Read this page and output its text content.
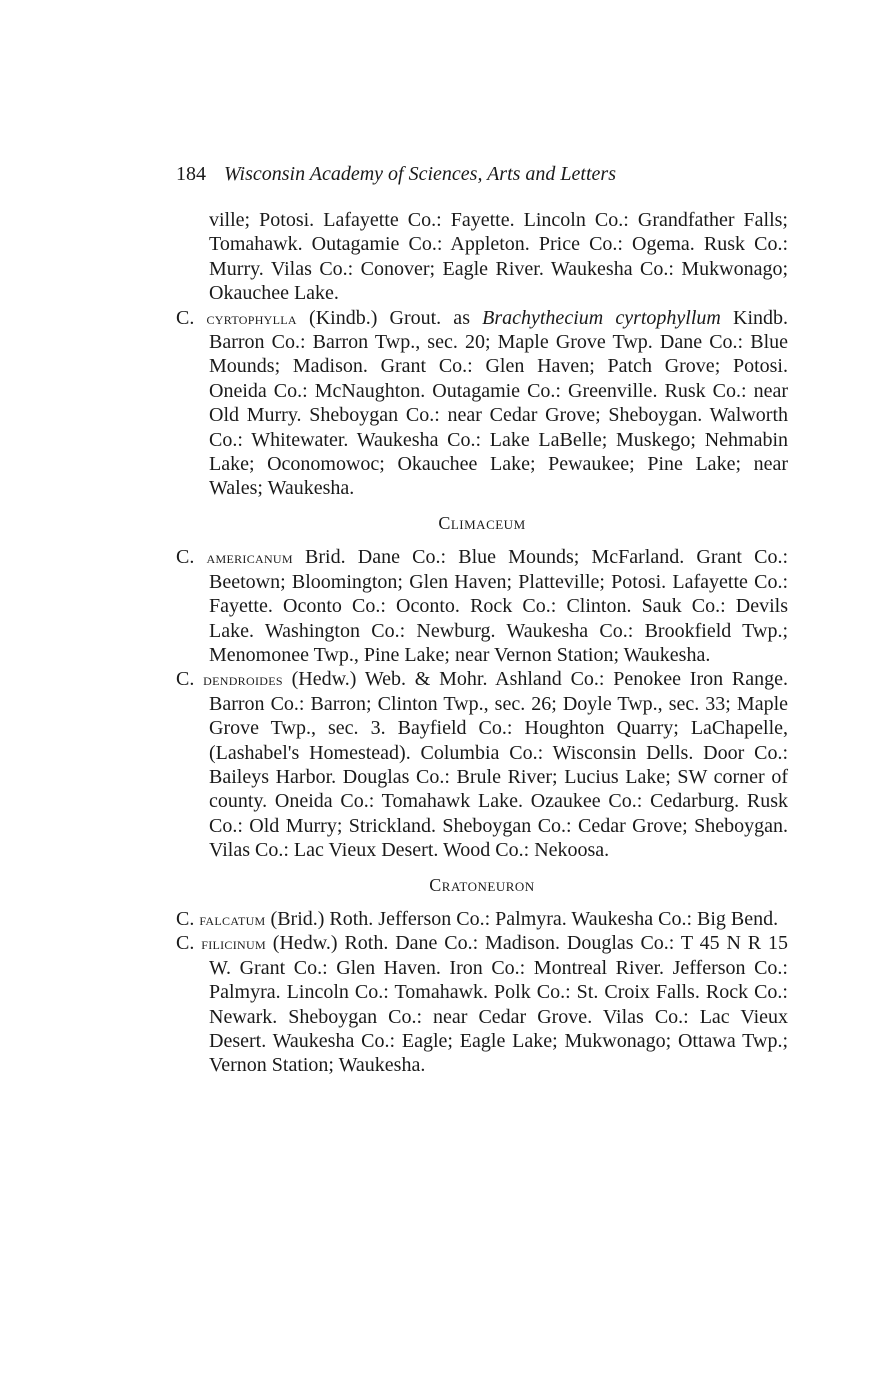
184 Wisconsin Academy of Sciences, Arts and Letters

ville; Potosi. Lafayette Co.: Fayette. Lincoln Co.: Grandfather Falls; Tomahawk. Outagamie Co.: Appleton. Price Co.: Ogema. Rusk Co.: Murry. Vilas Co.: Conover; Eagle River. Waukesha Co.: Mukwonago; Okauchee Lake.

C. cyrtophylla (Kindb.) Grout. as Brachythecium cyrtophyllum Kindb. Barron Co.: Barron Twp., sec. 20; Maple Grove Twp. Dane Co.: Blue Mounds; Madison. Grant Co.: Glen Haven; Patch Grove; Potosi. Oneida Co.: McNaughton. Outagamie Co.: Greenville. Rusk Co.: near Old Murry. Sheboygan Co.: near Cedar Grove; Sheboygan. Walworth Co.: Whitewater. Waukesha Co.: Lake LaBelle; Muskego; Nehmabin Lake; Oconomowoc; Okauchee Lake; Pewaukee; Pine Lake; near Wales; Waukesha.

Climaceum

C. americanum Brid. Dane Co.: Blue Mounds; McFarland. Grant Co.: Beetown; Bloomington; Glen Haven; Platteville; Potosi. Lafayette Co.: Fayette. Oconto Co.: Oconto. Rock Co.: Clinton. Sauk Co.: Devils Lake. Washington Co.: Newburg. Waukesha Co.: Brookfield Twp.; Menomonee Twp., Pine Lake; near Vernon Station; Waukesha.

C. dendroides (Hedw.) Web. & Mohr. Ashland Co.: Penokee Iron Range. Barron Co.: Barron; Clinton Twp., sec. 26; Doyle Twp., sec. 33; Maple Grove Twp., sec. 3. Bayfield Co.: Houghton Quarry; LaChapelle, (Lashabel's Homestead). Columbia Co.: Wisconsin Dells. Door Co.: Baileys Harbor. Douglas Co.: Brule River; Lucius Lake; SW corner of county. Oneida Co.: Tomahawk Lake. Ozaukee Co.: Cedarburg. Rusk Co.: Old Murry; Strickland. Sheboygan Co.: Cedar Grove; Sheboygan. Vilas Co.: Lac Vieux Desert. Wood Co.: Nekoosa.

Cratoneuron

C. falcatum (Brid.) Roth. Jefferson Co.: Palmyra. Waukesha Co.: Big Bend.

C. filicinum (Hedw.) Roth. Dane Co.: Madison. Douglas Co.: T 45 N R 15 W. Grant Co.: Glen Haven. Iron Co.: Montreal River. Jefferson Co.: Palmyra. Lincoln Co.: Tomahawk. Polk Co.: St. Croix Falls. Rock Co.: Newark. Sheboygan Co.: near Cedar Grove. Vilas Co.: Lac Vieux Desert. Waukesha Co.: Eagle; Eagle Lake; Mukwonago; Ottawa Twp.; Vernon Station; Waukesha.
